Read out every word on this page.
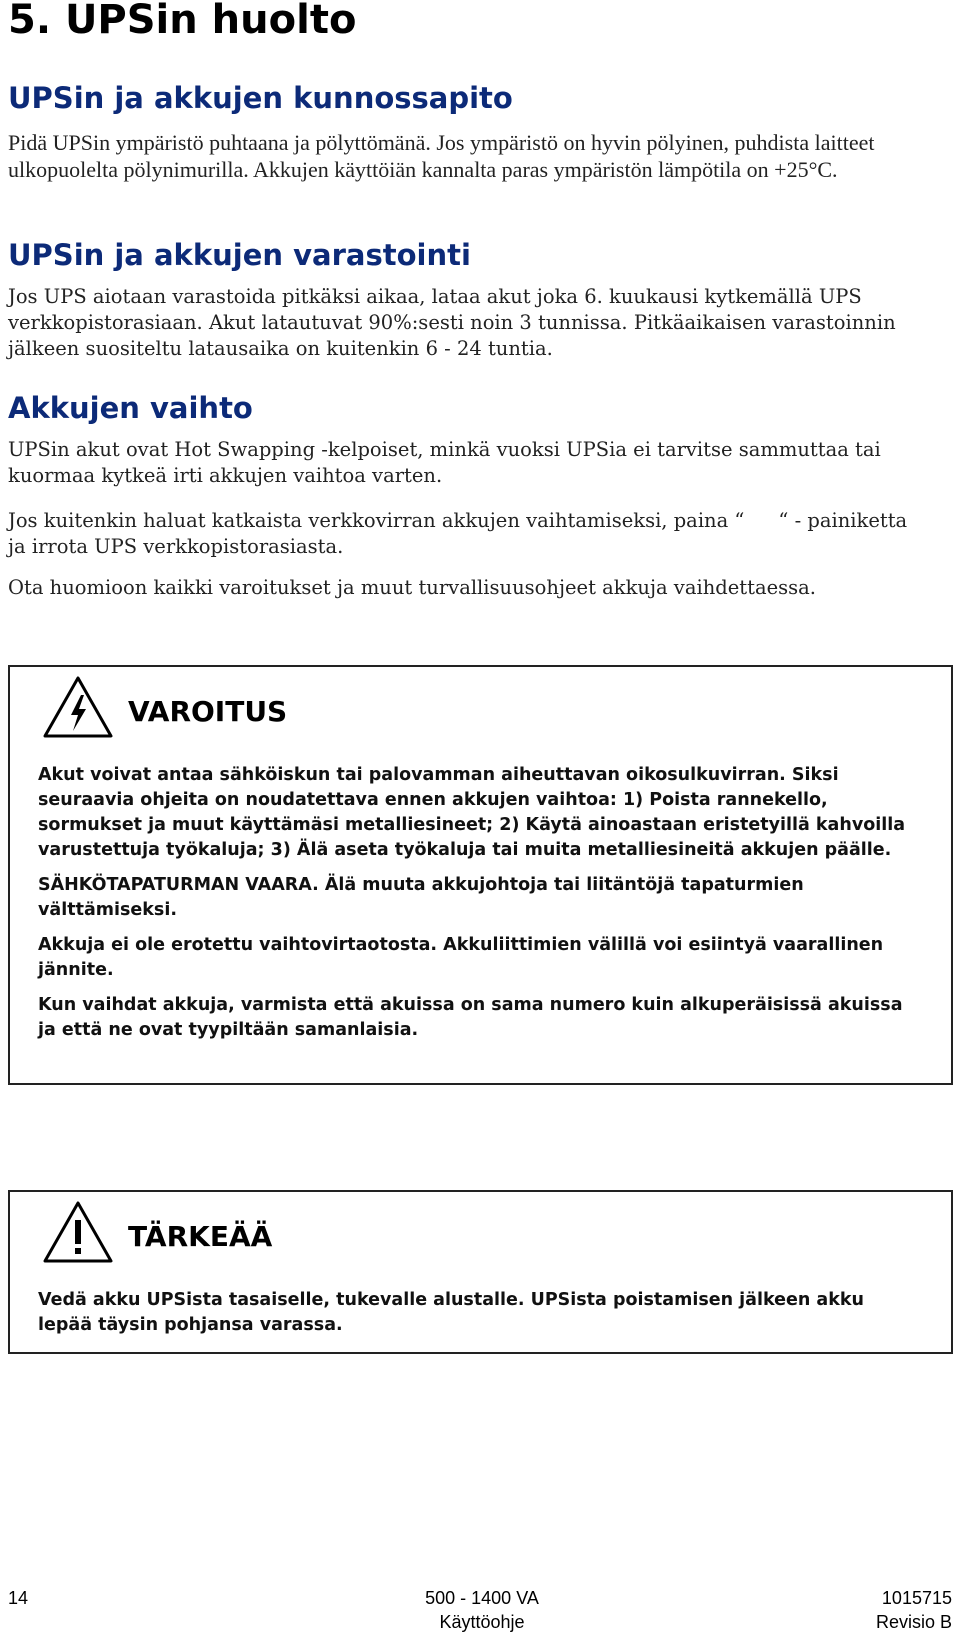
5. UPSin huolto
UPSin ja akkujen kunnossapito

Pidä UPSin ympäristö puhtaana ja pölyttömänä. Jos ympäristö on hyvin pölyinen, puhdista laitteet ulkopuolelta pölynimurilla. Akkujen käyttöiän kannalta paras ympäristön lämpötila on +25°C.

UPSin ja akkujen varastointi

Jos UPS aiotaan varastoida pitkäksi aikaa, lataa akut joka 6. kuukausi kytkemällä UPS verkkopistorasiaan. Akut latautuvat 90%:sesti noin 3 tunnissa. Pitkäaikaisen varastoinnin jälkeen suositeltu latausaika on kuitenkin 6 - 24 tuntia.

Akkujen vaihto

UPSin akut ovat Hot Swapping -kelpoiset, minkä vuoksi UPSia ei tarvitse sammuttaa tai kuormaa kytkeä irti akkujen vaihtoa varten.

Jos kuitenkin haluat katkaista verkkovirran akkujen vaihtamiseksi, paina “ “ - painiketta ja irrota UPS verkkopistorasiasta.

Ota huomioon kaikki varoitukset ja muut turvallisuusohjeet akkuja vaihdettaessa.

VAROITUS

Akut voivat antaa sähköiskun tai palovamman aiheuttavan oikosulkuvirran. Siksi seuraavia ohjeita on noudatettava ennen akkujen vaihtoa: 1) Poista rannekello, sormukset ja muut käyttämäsi metalliesineet; 2) Käytä ainoastaan eristetyillä kahvoilla varustettuja työkaluja; 3) Älä aseta työkaluja tai muita metalliesineitä akkujen päälle.

SÄHKÖTAPATURMAN VAARA. Älä muuta akkujohtoja tai liitäntöjä tapaturmien välttämiseksi.

Akkuja ei ole erotettu vaihtovirtaotosta. Akkuliittimien välillä voi esiintyä vaarallinen jännite.

Kun vaihdat akkuja, varmista että akuissa on sama numero kuin alkuperäisissä akuissa ja että ne ovat tyypiltään samanlaisia.

TÄRKEÄÄ

Vedä akku UPSista tasaiselle, tukevalle alustalle. UPSista poistamisen jälkeen akku lepää täysin pohjansa varassa.

14	500 - 1400 VA
Käyttöohje
1015715
Revisio B
